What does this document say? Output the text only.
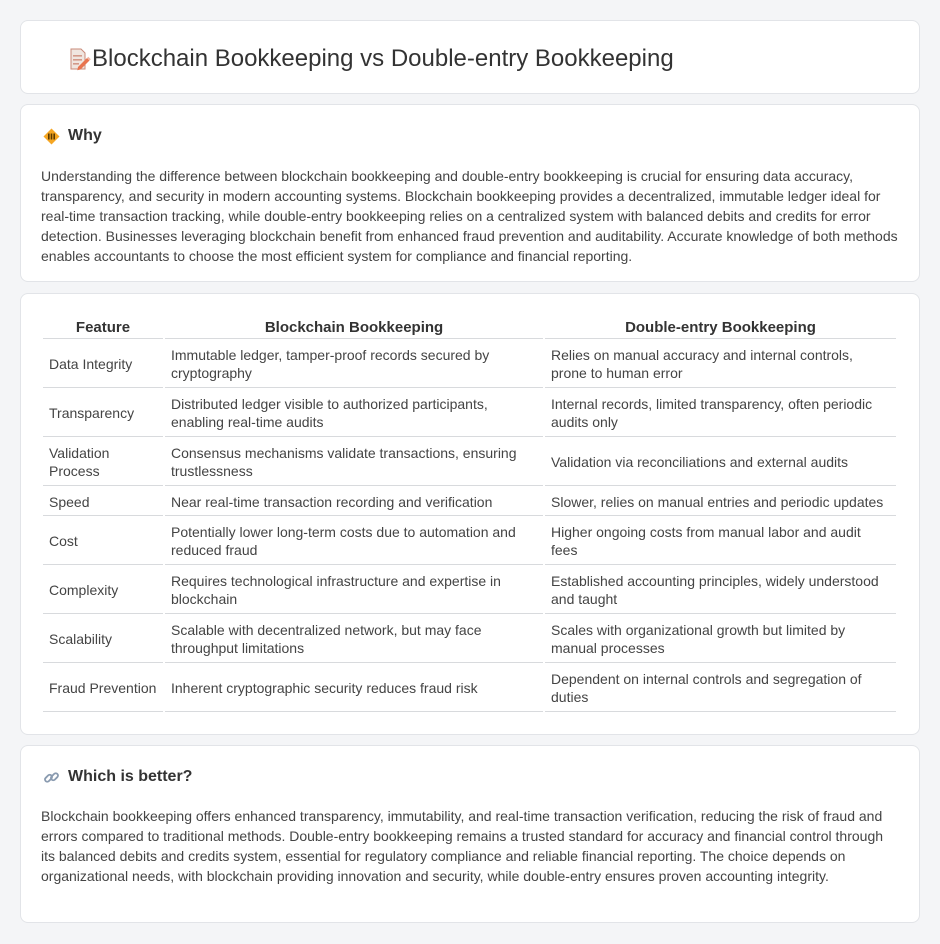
Blockchain Bookkeeping vs Double-entry Bookkeeping
Why

Understanding the difference between blockchain bookkeeping and double-entry bookkeeping is crucial for ensuring data accuracy, transparency, and security in modern accounting systems. Blockchain bookkeeping provides a decentralized, immutable ledger ideal for real-time transaction tracking, while double-entry bookkeeping relies on a centralized system with balanced debits and credits for error detection. Businesses leveraging blockchain benefit from enhanced fraud prevention and auditability. Accurate knowledge of both methods enables accountants to choose the most efficient system for compliance and financial reporting.

Feature	Blockchain Bookkeeping	Double-entry Bookkeeping
Data Integrity	Immutable ledger, tamper-proof records secured by cryptography	Relies on manual accuracy and internal controls, prone to human error
Transparency	Distributed ledger visible to authorized participants, enabling real-time audits	Internal records, limited transparency, often periodic audits only
Validation Process	Consensus mechanisms validate transactions, ensuring trustlessness	Validation via reconciliations and external audits
Speed	Near real-time transaction recording and verification	Slower, relies on manual entries and periodic updates
Cost	Potentially lower long-term costs due to automation and reduced fraud	Higher ongoing costs from manual labor and audit fees
Complexity	Requires technological infrastructure and expertise in blockchain	Established accounting principles, widely understood and taught
Scalability	Scalable with decentralized network, but may face throughput limitations	Scales with organizational growth but limited by manual processes
Fraud Prevention	Inherent cryptographic security reduces fraud risk	Dependent on internal controls and segregation of duties
Which is better?

Blockchain bookkeeping offers enhanced transparency, immutability, and real-time transaction verification, reducing the risk of fraud and errors compared to traditional methods. Double-entry bookkeeping remains a trusted standard for accuracy and financial control through its balanced debits and credits system, essential for regulatory compliance and reliable financial reporting. The choice depends on organizational needs, with blockchain providing innovation and security, while double-entry ensures proven accounting integrity.
